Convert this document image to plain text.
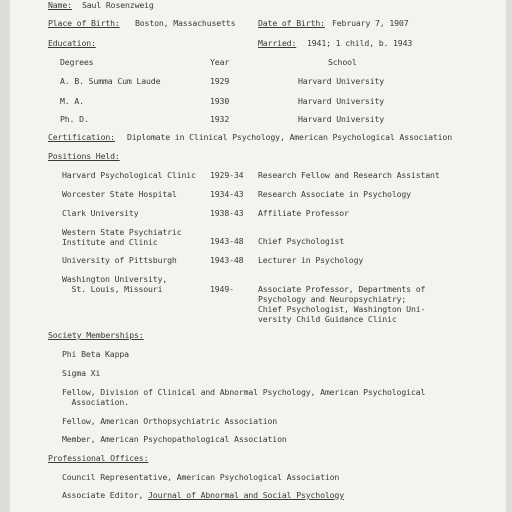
Name: Saul Rosenzweig
Place of Birth: Boston, Massachusetts	Date of Birth: February 7, 1907
Education:	Married: 1941; 1 child, b. 1943
Degrees	Year	School
A. B. Summa Cum Laude	1929	Harvard University
M. A.	1930	Harvard University
Ph. D.	1932	Harvard University
Certification: Diplomate in Clinical Psychology, American Psychological Association
Positions Held:
Harvard Psychological Clinic 1929-34 Research Fellow and Research Assistant
Worcester State Hospital	1934-43 Research Associate in Psychology
Clark University	1938-43 Affiliate Professor
Western State Psychiatric
Institute and Clinic	1943-48 Chief Psychologist
University of Pittsburgh	1943-48 Lecturer in Psychology
Washington University,
St. Louis, Missouri	1949-	Associate Professor, Departments of
Psychology and Neuropsychiatry;
Chief Psychologist, Washington Uni-
versity Child Guidance Clinic
Society Memberships:
Phi Beta Kappa
Sigma Xi
Fellow, Division of Clinical and Abnormal Psychology, American Psychological
Association.
Fellow, American Orthopsychiatric Association
Member, American Psychopathological Association
Professional Offices:
Council Representative, American Psychological Association
Associate Editor, Journal of Abnormal and Social Psychology
